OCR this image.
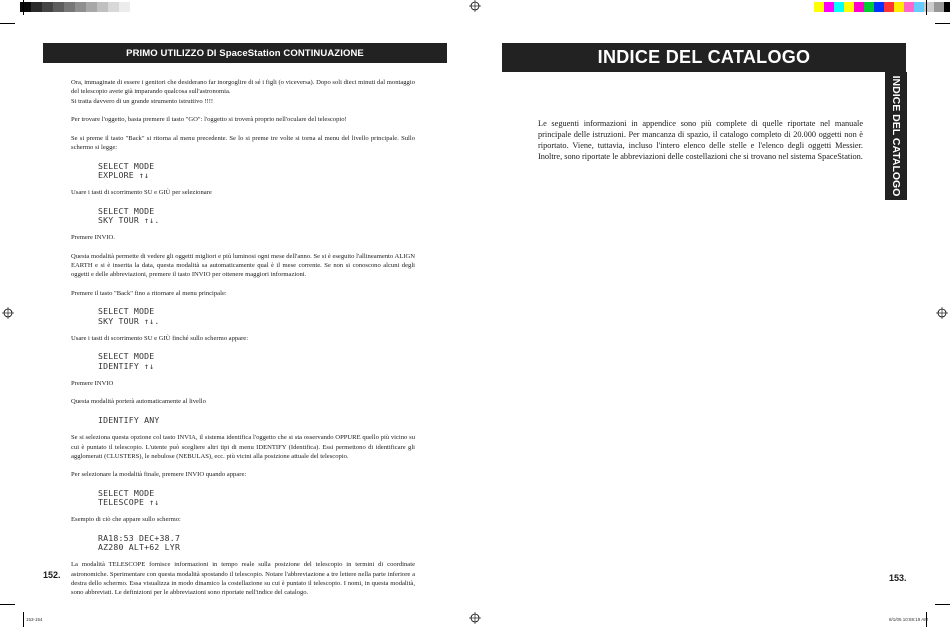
PRIMO UTILIZZO DI SpaceStation CONTINUAZIONE

Ora, immaginate di essere i genitori che desiderano far inorgoglire di sé i figli (o viceversa). Dopo soli dieci minuti dal montaggio del telescopio avete già imparando qualcosa sull'astronomia.

Si tratta davvero di un grande strumento istruttivo !!!!

Per trovare l'oggetto, basta premere il tasto "GO": l'oggetto si troverà proprio nell'oculare del telescopio!

Se si preme il tasto "Back" si ritorna al menu precedente. Se lo si preme tre volte si torna al menu del livello principale. Sullo schermo si legge:

SELECT MODE
EXPLORE ↑↓

Usare i tasti di scorrimento SU e GIÙ per selezionare

SELECT MODE
SKY TOUR ↑↓.

Premere INVIO.

Questa modalità permette di vedere gli oggetti migliori e più luminosi ogni mese dell'anno. Se si è eseguito l'allineamento ALIGN EARTH e si è inserita la data, questa modalità sa automaticamente qual è il mese corrente. Se non si conoscono alcuni degli oggetti e delle abbreviazioni, premere il tasto INVIO per ottenere maggiori informazioni.

Premere il tasto "Back" fino a ritornare al menu principale:

SELECT MODE
SKY TOUR ↑↓.

Usare i tasti di scorrimento SU e GIÙ finché sullo schermo appare:

SELECT MODE
IDENTIFY ↑↓

Premere INVIO

Questa modalità porterà automaticamente al livello

IDENTIFY ANY

Se si seleziona questa opzione col tasto INVIA, il sistema identifica l'oggetto che si sta osservando OPPURE quello più vicino su cui è puntato il telescopio. L'utente può scegliere altri tipi di menu IDENTIFY (Identifica). Essi permettono di identificare gli agglomerati (CLUSTERS), le nebulose (NEBULAS), ecc. più vicini alla posizione attuale del telescopio.

Per selezionare la modalità finale, premere INVIO quando appare:

SELECT MODE
TELESCOPE ↑↓

Esempio di ciò che appare sullo schermo:

RA18:53 DEC+38.7
AZ280 ALT+62 LYR

La modalità TELESCOPE fornisce informazioni in tempo reale sulla posizione del telescopio in termini di coordinate astronomiche. Sperimentare con questa modalità spostando il telescopio. Notare l'abbreviazione a tre lettere nella parte inferiore a destra dello schermo. Essa visualizza in modo dinamico la costellazione su cui è puntato il telescopio. I nomi, in questa modalità, sono abbreviati. Le definizioni per le abbreviazioni sono riportate nell'indice del catalogo.

152.
INDICE DEL CATALOGO
INDICE DEL CATALOGO

Le seguenti informazioni in appendice sono più complete di quelle riportate nel manuale principale delle istruzioni. Per mancanza di spazio, il catalogo completo di 20.000 oggetti non è riportato. Viene, tuttavia, incluso l'intero elenco delle stelle e l'elenco degli oggetti Messier. Inoltre, sono riportate le abbreviazioni delle costellazioni che si trovano nel sistema SpaceStation.

153.
153-154	8/1/05 10:59:19 AM
